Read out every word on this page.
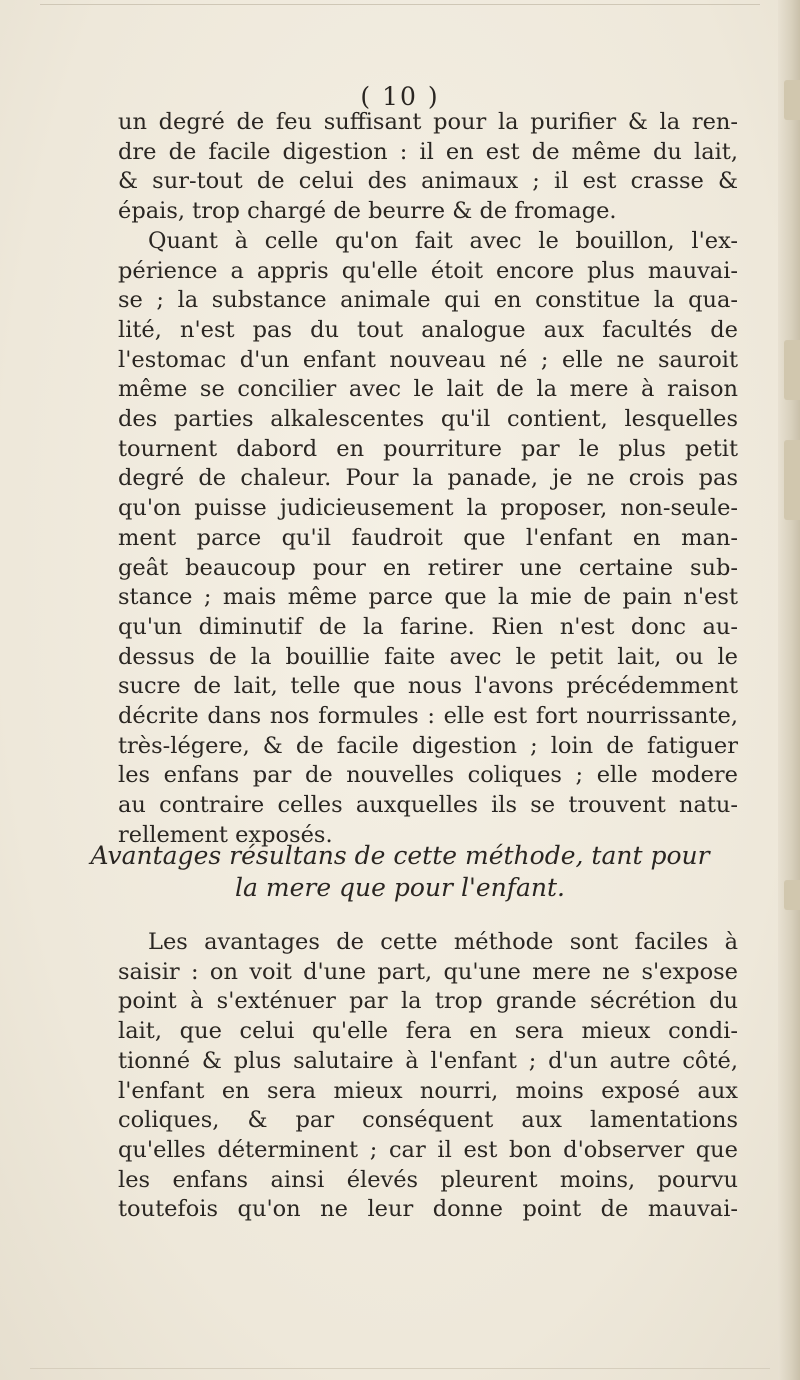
( 10 )
un degré de feu suffisant pour la purifier & la ren-
dre de facile digestion : il en est de même du lait,
& sur-tout de celui des animaux ; il est crasse &
épais, trop chargé de beurre & de fromage.
Quant à celle qu'on fait avec le bouillon, l'ex-
périence a appris qu'elle étoit encore plus mauvai-
se ; la substance animale qui en constitue la qua-
lité, n'est pas du tout analogue aux facultés de
l'estomac d'un enfant nouveau né ; elle ne sauroit
même se concilier avec le lait de la mere à raison
des parties alkalescentes qu'il contient, lesquelles
tournent dabord en pourriture par le plus petit
degré de chaleur. Pour la panade, je ne crois pas
qu'on puisse judicieusement la proposer, non-seule-
ment parce qu'il faudroit que l'enfant en man-
geât beaucoup pour en retirer une certaine sub-
stance ; mais même parce que la mie de pain n'est
qu'un diminutif de la farine. Rien n'est donc au-
dessus de la bouillie faite avec le petit lait, ou le
sucre de lait, telle que nous l'avons précédemment
décrite dans nos formules : elle est fort nourrissante,
très-légere, & de facile digestion ; loin de fatiguer
les enfans par de nouvelles coliques ; elle modere
au contraire celles auxquelles ils se trouvent natu-
rellement exposés.
Avantages résultans de cette méthode, tant pour
la mere que pour l'enfant.
Les avantages de cette méthode sont faciles à
saisir : on voit d'une part, qu'une mere ne s'expose
point à s'exténuer par la trop grande sécrétion du
lait, que celui qu'elle fera en sera mieux condi-
tionné & plus salutaire à l'enfant ; d'un autre côté,
l'enfant en sera mieux nourri, moins exposé aux
coliques, & par conséquent aux lamentations
qu'elles déterminent ; car il est bon d'observer que
les enfans ainsi élevés pleurent moins, pourvu
toutefois qu'on ne leur donne point de mauvai-
